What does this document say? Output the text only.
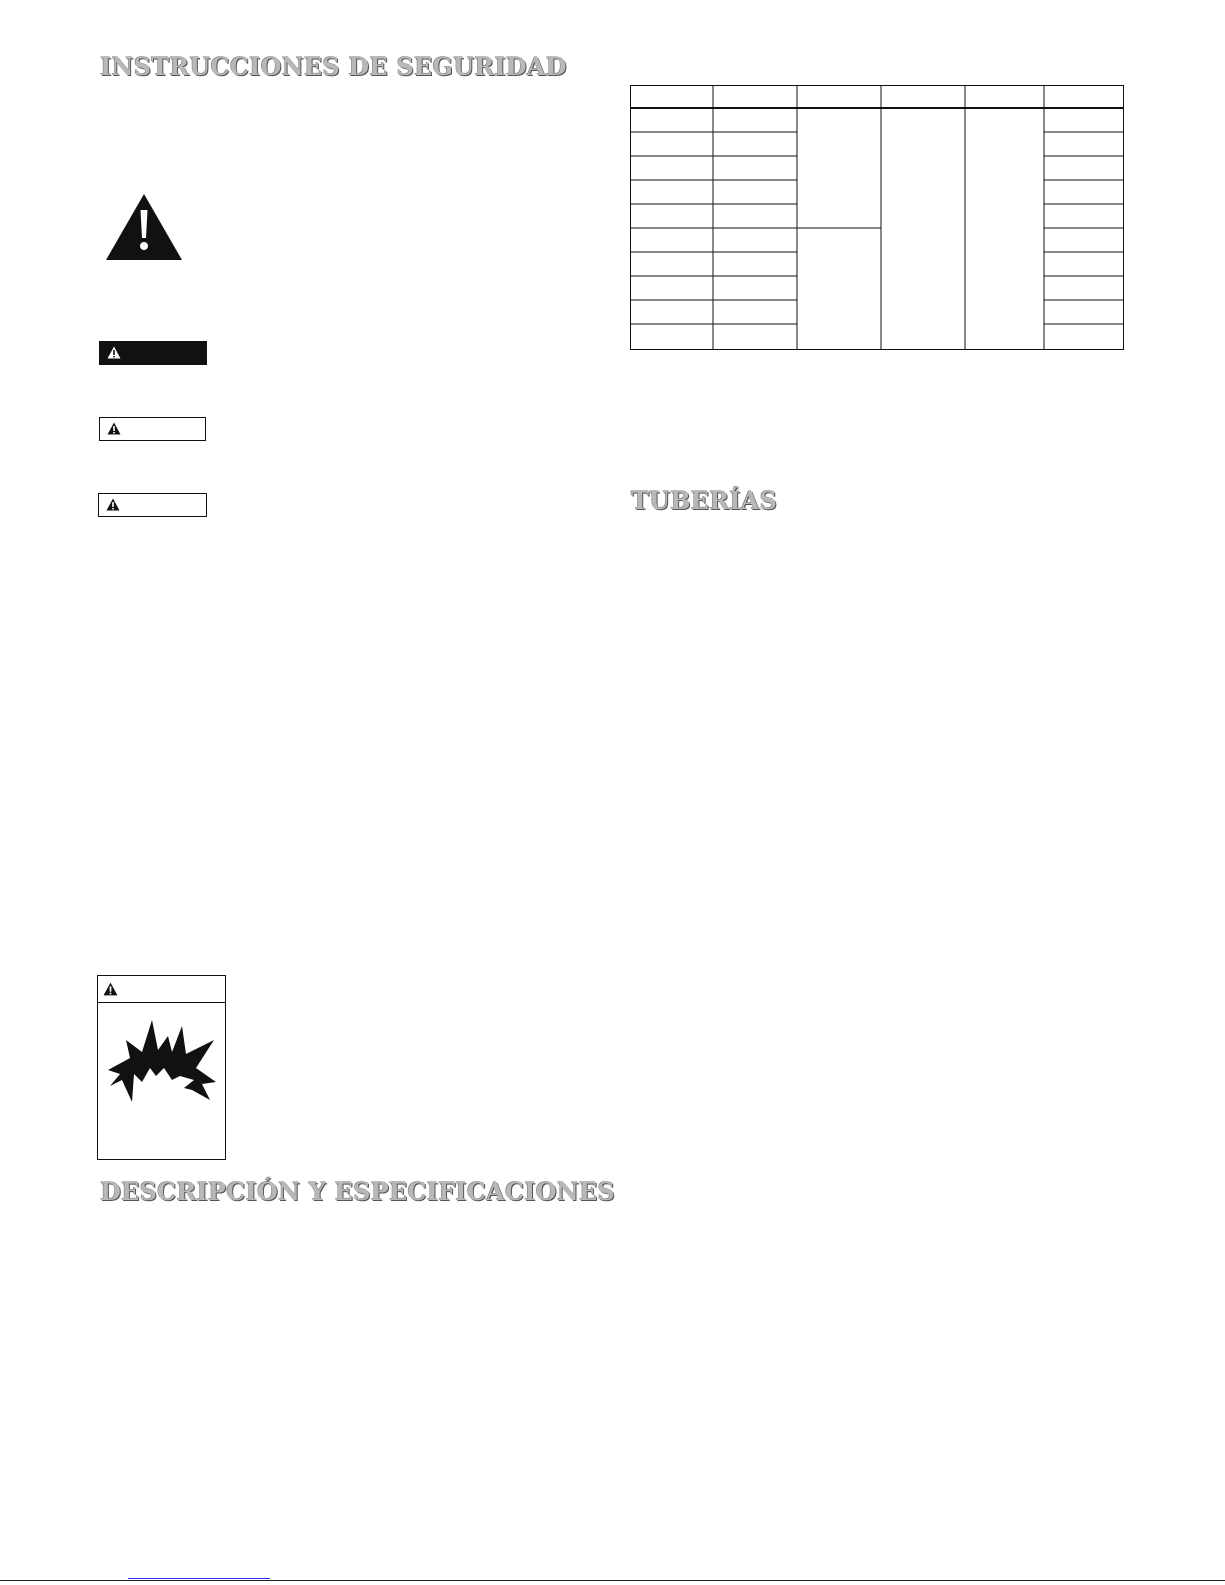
INSTRUCCIONES DE SEGURIDAD
DESCRIPCIÓN Y ESPECIFICACIONES
TUBERÍAS
